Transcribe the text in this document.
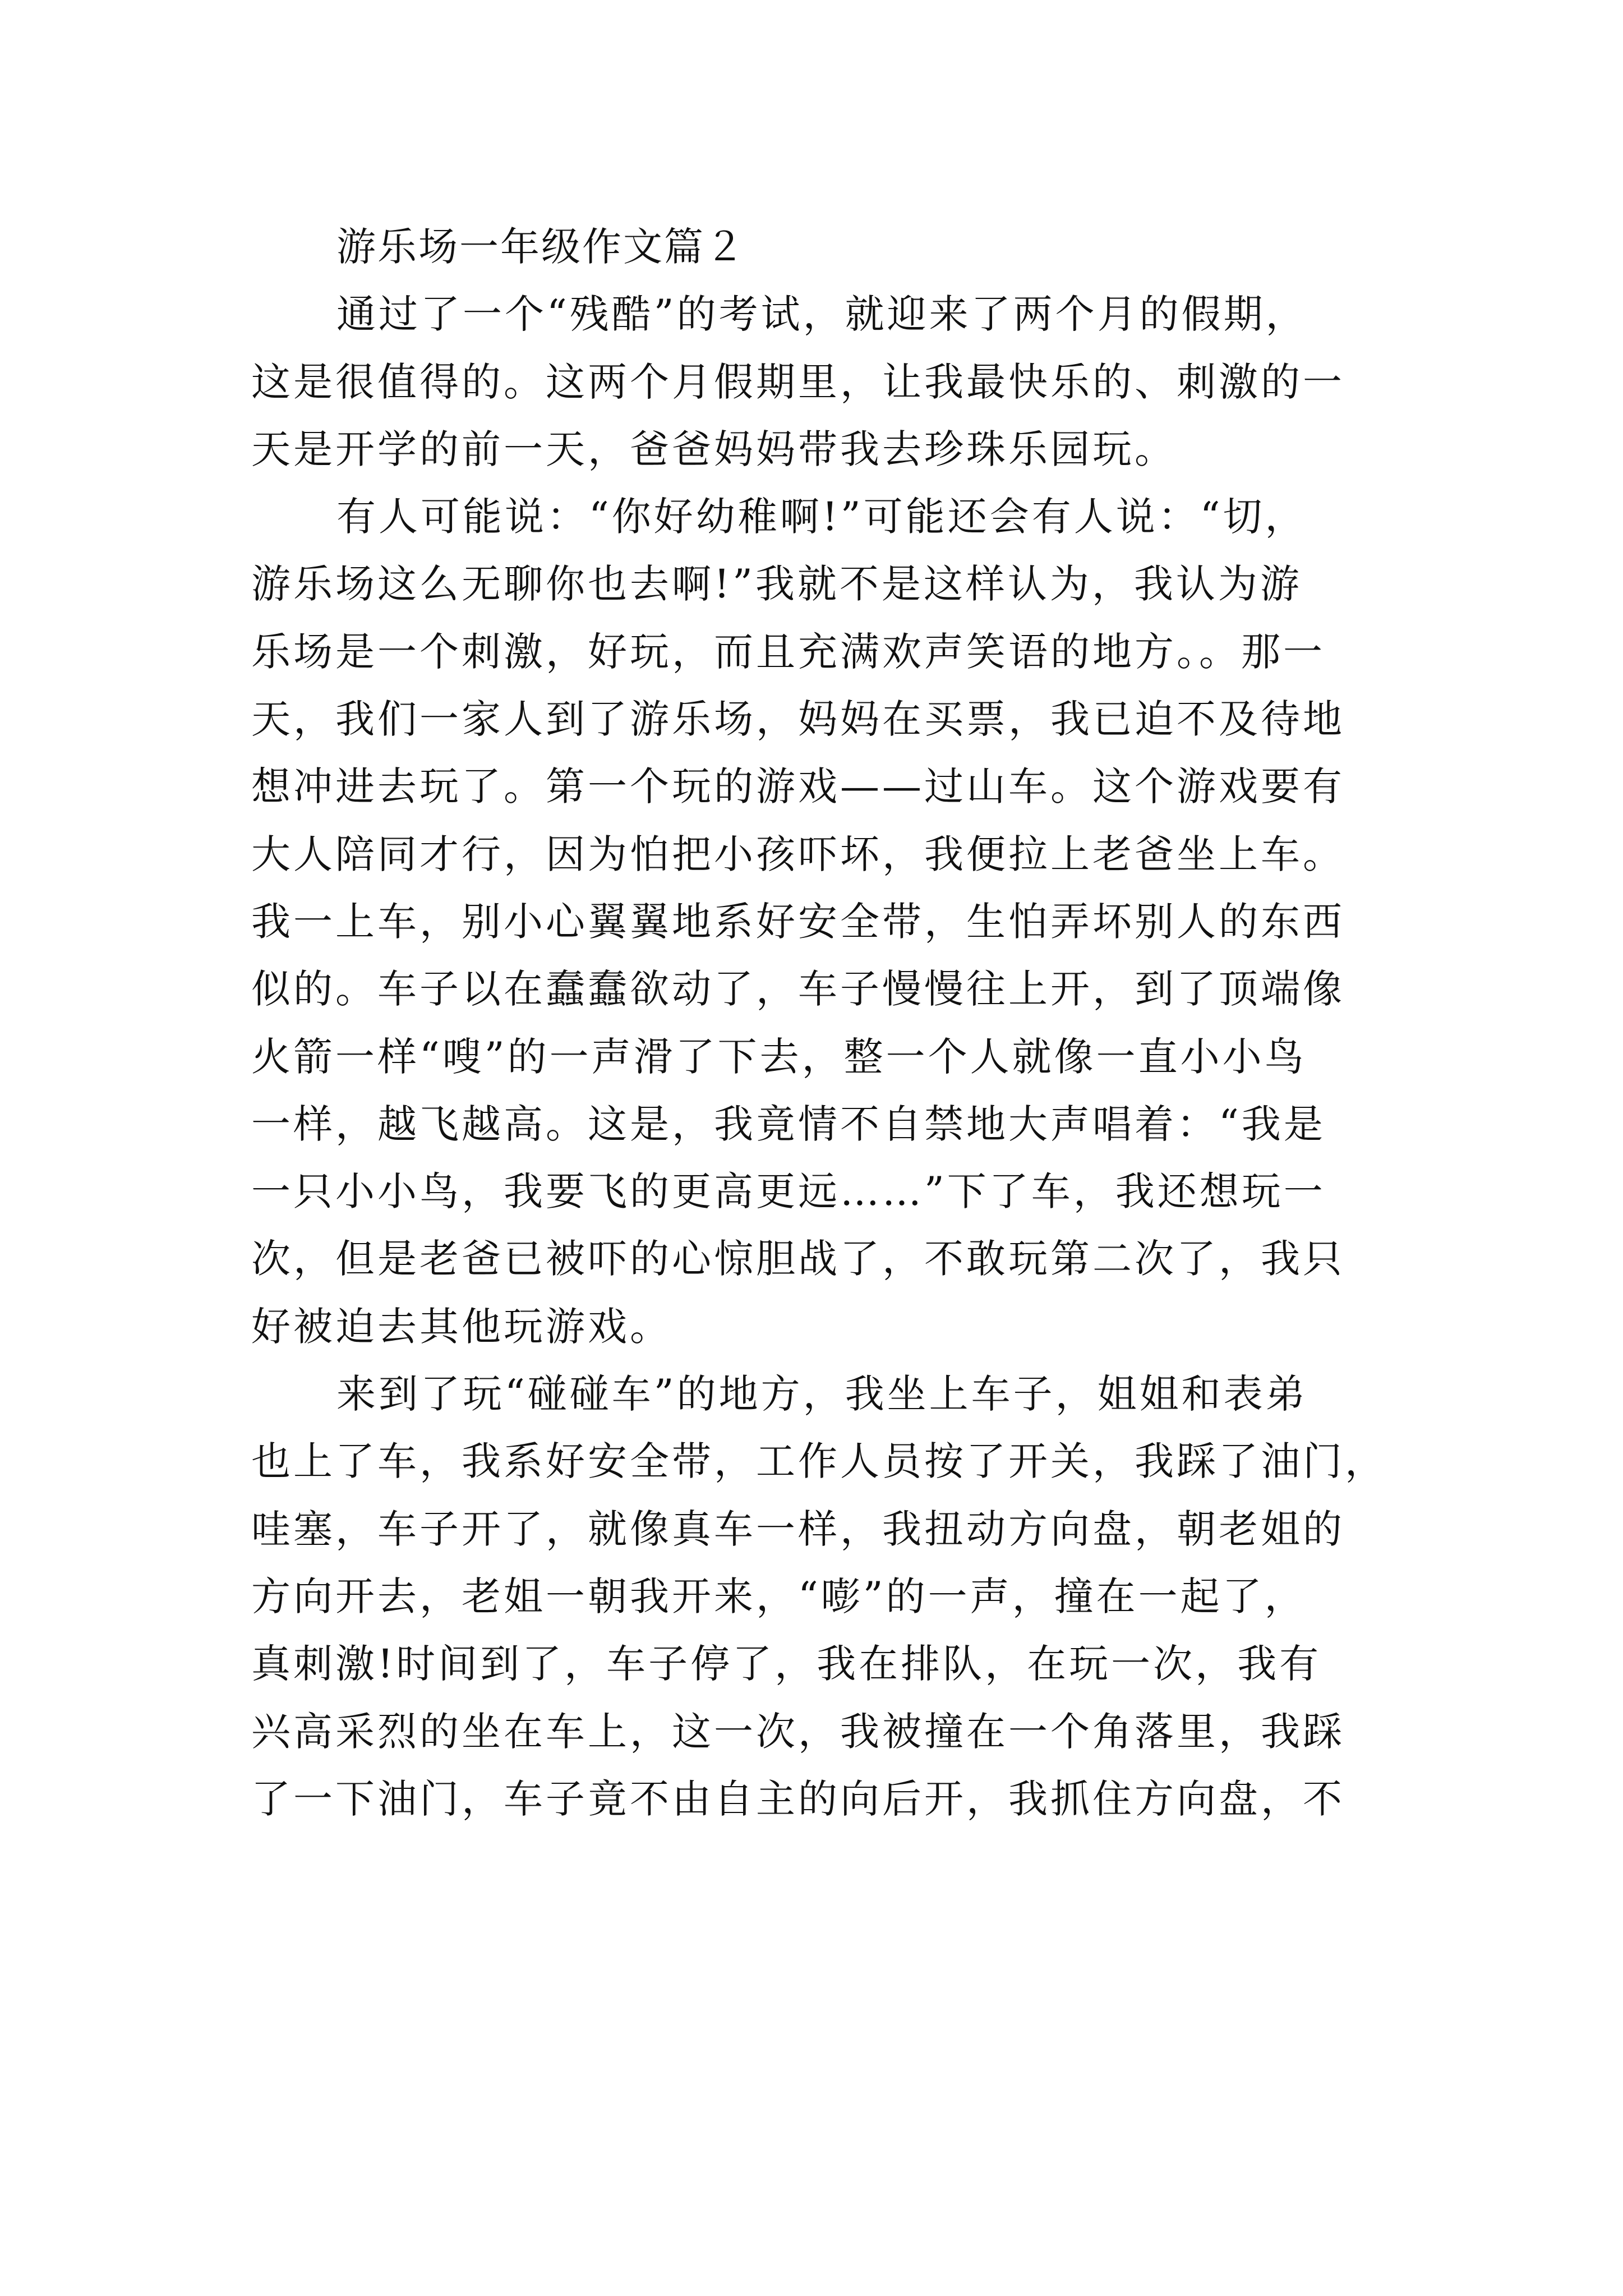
游乐场一年级作文篇２
通过了一个“残酷”的考试，就迎来了两个月的假期，
这是很值得的。这两个月假期里，让我最快乐的、刺激的一
天是开学的前一天，爸爸妈妈带我去珍珠乐园玩。
有人可能说：“你好幼稚啊!”可能还会有人说：“切，
游乐场这么无聊你也去啊!”我就不是这样认为，我认为游
乐场是一个刺激，好玩，而且充满欢声笑语的地方。。那一
天，我们一家人到了游乐场，妈妈在买票，我已迫不及待地
想冲进去玩了。第一个玩的游戏——过山车。这个游戏要有
大人陪同才行，因为怕把小孩吓坏，我便拉上老爸坐上车。
我一上车，别小心翼翼地系好安全带，生怕弄坏别人的东西
似的。车子以在蠢蠢欲动了，车子慢慢往上开，到了顶端像
火箭一样“嗖”的一声滑了下去，整一个人就像一直小小鸟
一样，越飞越高。这是，我竟情不自禁地大声唱着：“我是
一只小小鸟，我要飞的更高更远……”下了车，我还想玩一
次，但是老爸已被吓的心惊胆战了，不敢玩第二次了，我只
好被迫去其他玩游戏。
来到了玩“碰碰车”的地方，我坐上车子，姐姐和表弟
也上了车，我系好安全带，工作人员按了开关，我踩了油门，
哇塞，车子开了，就像真车一样，我扭动方向盘，朝老姐的
方向开去，老姐一朝我开来，“嘭”的一声，撞在一起了，
真刺激!时间到了，车子停了，我在排队，在玩一次，我有
兴高采烈的坐在车上，这一次，我被撞在一个角落里，我踩
了一下油门，车子竟不由自主的向后开，我抓住方向盘，不
